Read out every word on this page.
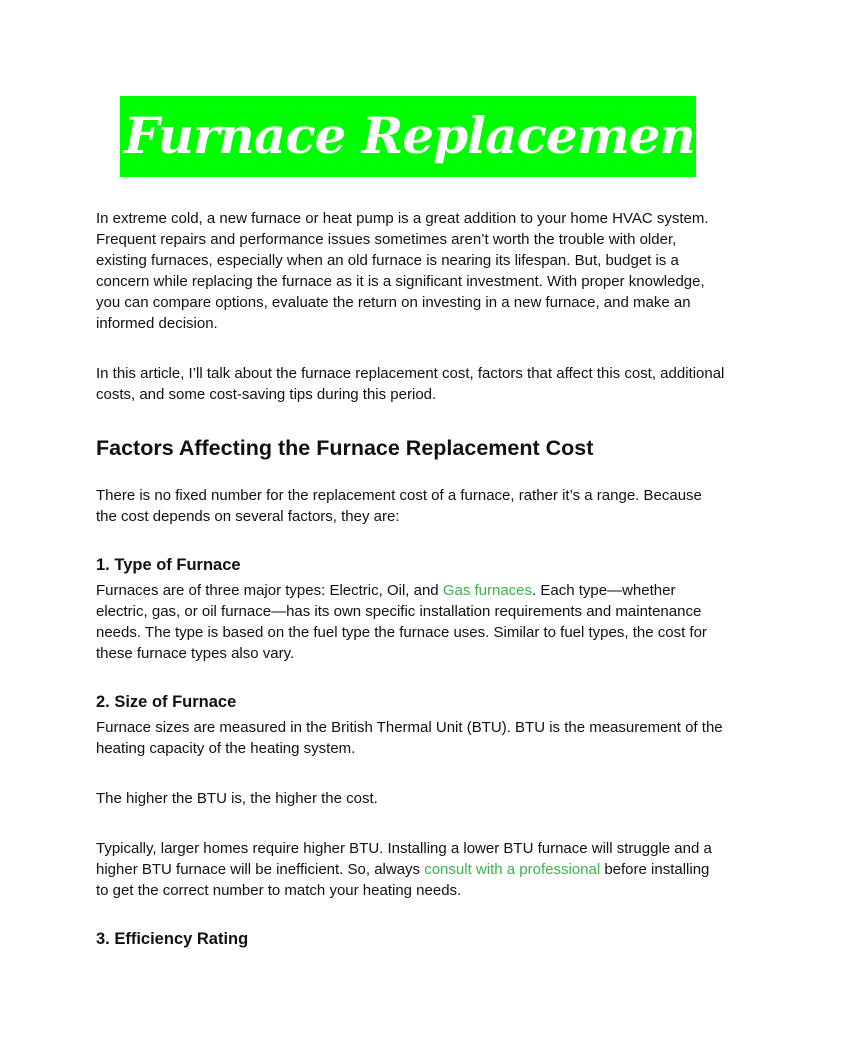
Furnace Replacement Cost

In extreme cold, a new furnace or heat pump is a great addition to your home HVAC system. Frequent repairs and performance issues sometimes aren’t worth the trouble with older, existing furnaces, especially when an old furnace is nearing its lifespan. But, budget is a concern while replacing the furnace as it is a significant investment. With proper knowledge, you can compare options, evaluate the return on investing in a new furnace, and make an informed decision.

In this article, I’ll talk about the furnace replacement cost, factors that affect this cost, additional costs, and some cost-saving tips during this period.

Factors Affecting the Furnace Replacement Cost

There is no fixed number for the replacement cost of a furnace, rather it’s a range. Because the cost depends on several factors, they are:

1. Type of Furnace

Furnaces are of three major types: Electric, Oil, and Gas furnaces. Each type—whether electric, gas, or oil furnace—has its own specific installation requirements and maintenance needs. The type is based on the fuel type the furnace uses. Similar to fuel types, the cost for these furnace types also vary.

2. Size of Furnace

Furnace sizes are measured in the British Thermal Unit (BTU). BTU is the measurement of the heating capacity of the heating system.

The higher the BTU is, the higher the cost.

Typically, larger homes require higher BTU. Installing a lower BTU furnace will struggle and a higher BTU furnace will be inefficient. So, always consult with a professional before installing to get the correct number to match your heating needs.

3. Efficiency Rating
